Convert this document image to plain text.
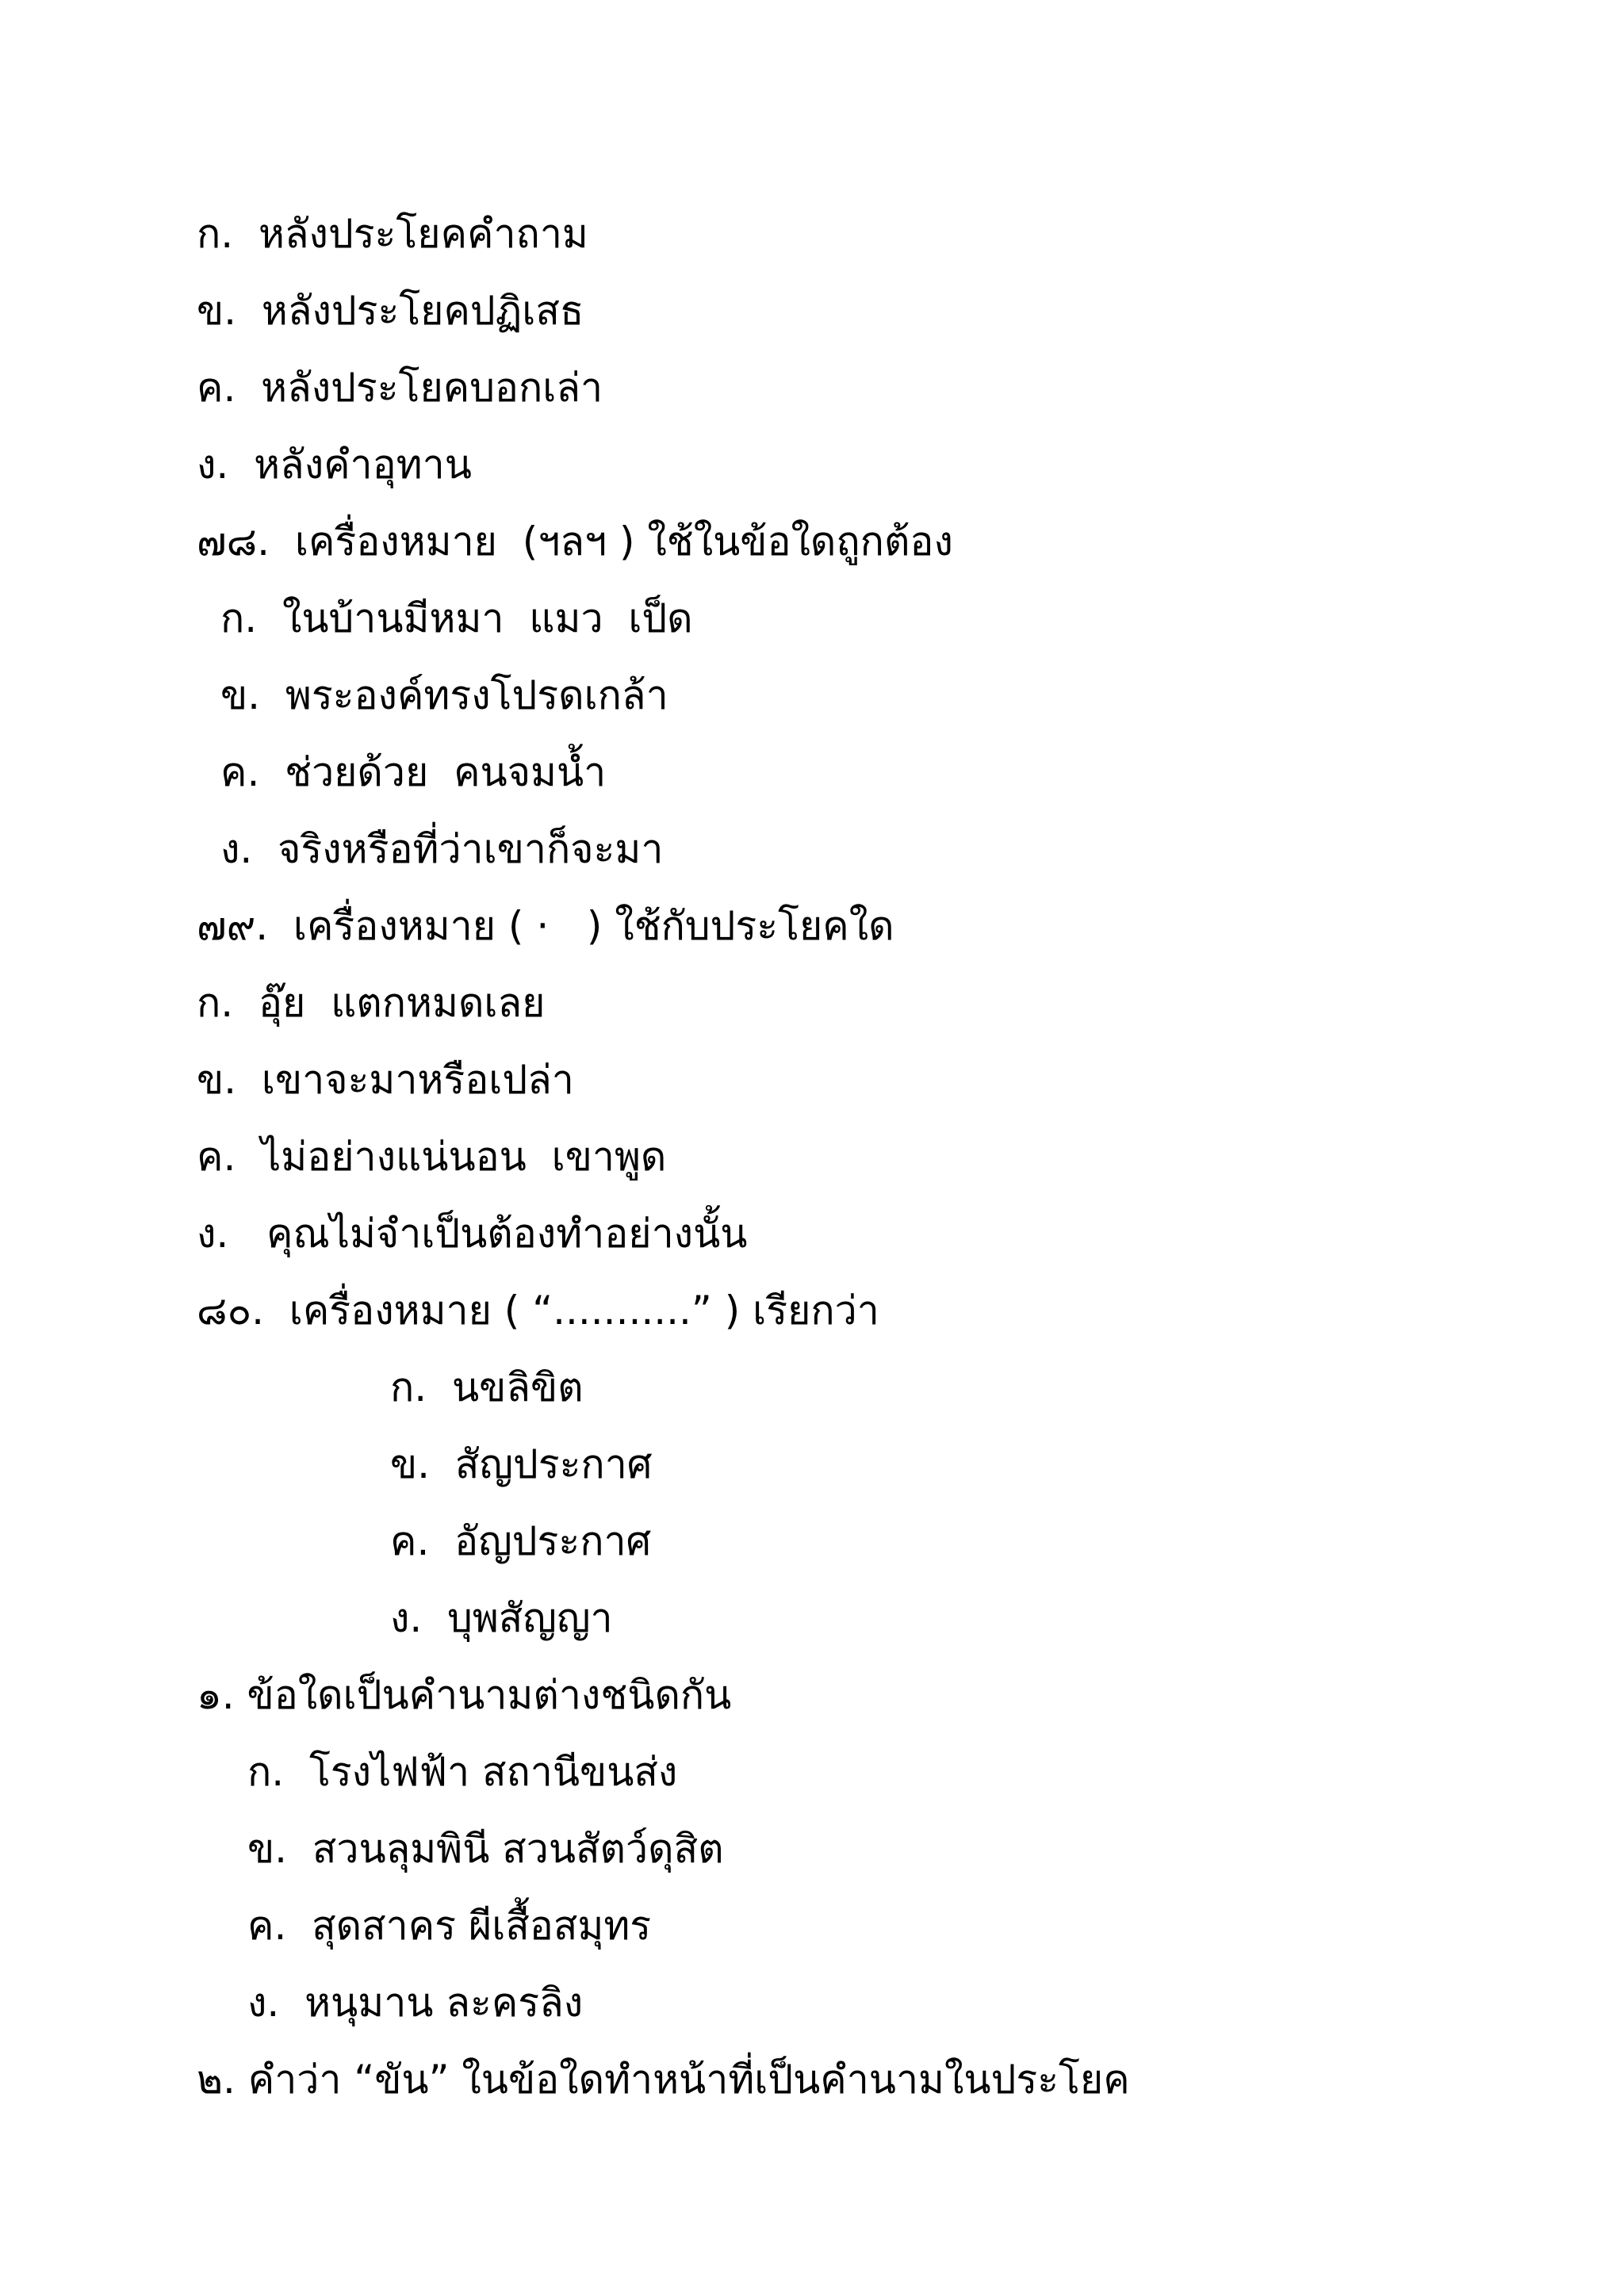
ก.  หลังประโยคคำถาม
ข.  หลังประโยคปฏิเสธ
ค.  หลังประโยคบอกเล่า
ง.  หลังคำอุทาน
๗๘.  เครื่องหมาย  (ฯลฯ ) ใช้ในข้อใดถูกต้อง
ก.  ในบ้านมีหมา  แมว  เป็ด
ข.  พระองค์ทรงโปรดเกล้า
ค.  ช่วยด้วย  คนจมน้ำ
ง.  จริงหรือที่ว่าเขาก็จะมา
๗๙.  เครื่องหมาย ( ·   ) ใช้กับประโยคใด
ก.  อุ๊ย  แตกหมดเลย
ข.  เขาจะมาหรือเปล่า
ค.  ไม่อย่างแน่นอน  เขาพูด
ง.   คุณไม่จำเป็นต้องทำอย่างนั้น
๘๐.  เครื่องหมาย ( “...........” ) เรียกว่า
ก.  นขลิขิต
ข.  สัญประกาศ
ค.  อัญประกาศ
ง.  บุพสัญญา
๑. ข้อใดเป็นคำนามต่างชนิดกัน
ก.  โรงไฟฟ้า สถานีขนส่ง
ข.  สวนลุมพินี สวนสัตว์ดุสิต
ค.  สุดสาคร ผีเสื้อสมุทร
ง.  หนุมาน ละครลิง
๒. คำว่า “ขัน” ในข้อใดทำหน้าที่เป็นคำนามในประโยค
